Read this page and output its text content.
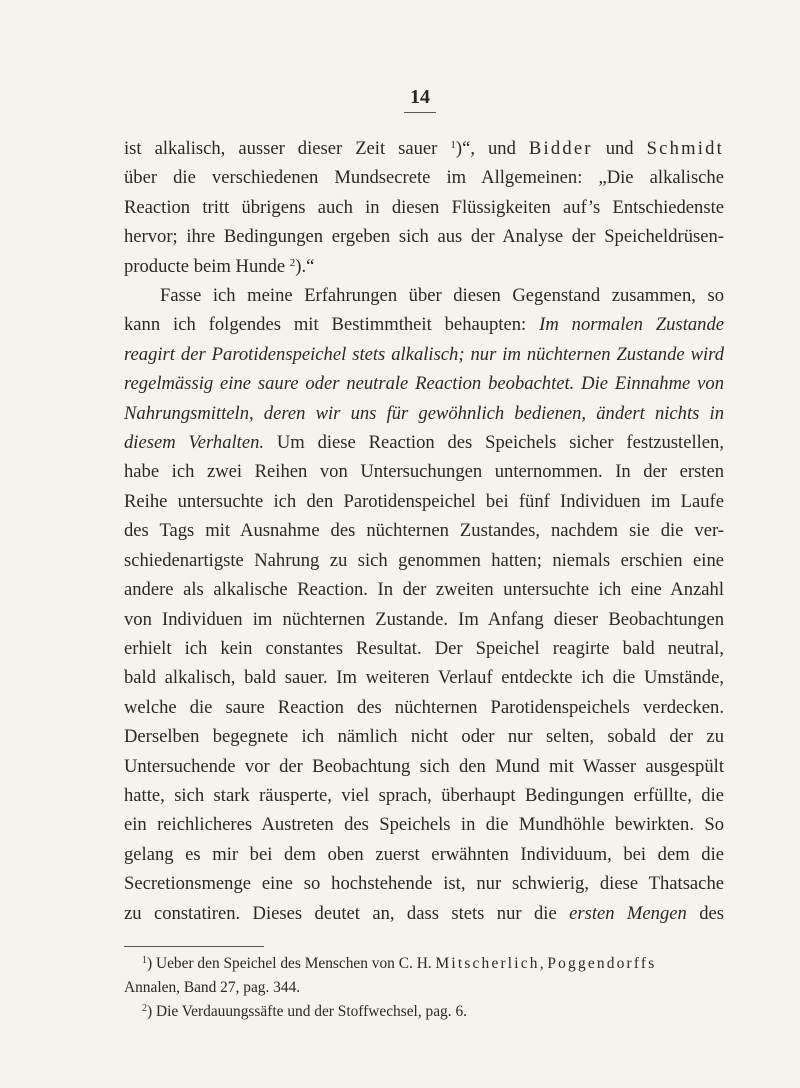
14
ist alkalisch, ausser dieser Zeit sauer $^1$)“, und Bidder und Schmidt
über die verschiedenen Mundsecrete im Allgemeinen: „Die alkalische
Reaction tritt übrigens auch in diesen Flüssigkeiten auf’s Entschiedenste
hervor; ihre Bedingungen ergeben sich aus der Analyse der Speicheldrüsen-
producte beim Hunde $^2$).“
Fasse ich meine Erfahrungen über diesen Gegenstand zusammen, so
kann ich folgendes mit Bestimmtheit behaupten: Im normalen Zustande
reagirt der Parotidenspeichel stets alkalisch; nur im nüchternen Zustande wird
regelmässig eine saure oder neutrale Reaction beobachtet. Die Einnahme von
Nahrungsmitteln, deren wir uns für gewöhnlich bedienen, ändert nichts in
diesem Verhalten. Um diese Reaction des Speichels sicher festzustellen,
habe ich zwei Reihen von Untersuchungen unternommen. In der ersten
Reihe untersuchte ich den Parotidenspeichel bei fünf Individuen im Laufe
des Tags mit Ausnahme des nüchternen Zustandes, nachdem sie die ver-
schiedenartigste Nahrung zu sich genommen hatten; niemals erschien eine
andere als alkalische Reaction. In der zweiten untersuchte ich eine Anzahl
von Individuen im nüchternen Zustande. Im Anfang dieser Beobachtungen
erhielt ich kein constantes Resultat. Der Speichel reagirte bald neutral,
bald alkalisch, bald sauer. Im weiteren Verlauf entdeckte ich die Umstände,
welche die saure Reaction des nüchternen Parotidenspeichels verdecken.
Derselben begegnete ich nämlich nicht oder nur selten, sobald der zu
Untersuchende vor der Beobachtung sich den Mund mit Wasser ausgespült
hatte, sich stark räusperte, viel sprach, überhaupt Bedingungen erfüllte, die
ein reichlicheres Austreten des Speichels in die Mundhöhle bewirkten. So
gelang es mir bei dem oben zuerst erwähnten Individuum, bei dem die
Secretionsmenge eine so hochstehende ist, nur schwierig, diese Thatsache
zu constatiren. Dieses deutet an, dass stets nur die ersten Mengen des
$^1$) Ueber den Speichel des Menschen von C. H. Mitscherlich, Poggendorffs
Annalen, Band 27, pag. 344.
$^2$) Die Verdauungssäfte und der Stoffwechsel, pag. 6.
